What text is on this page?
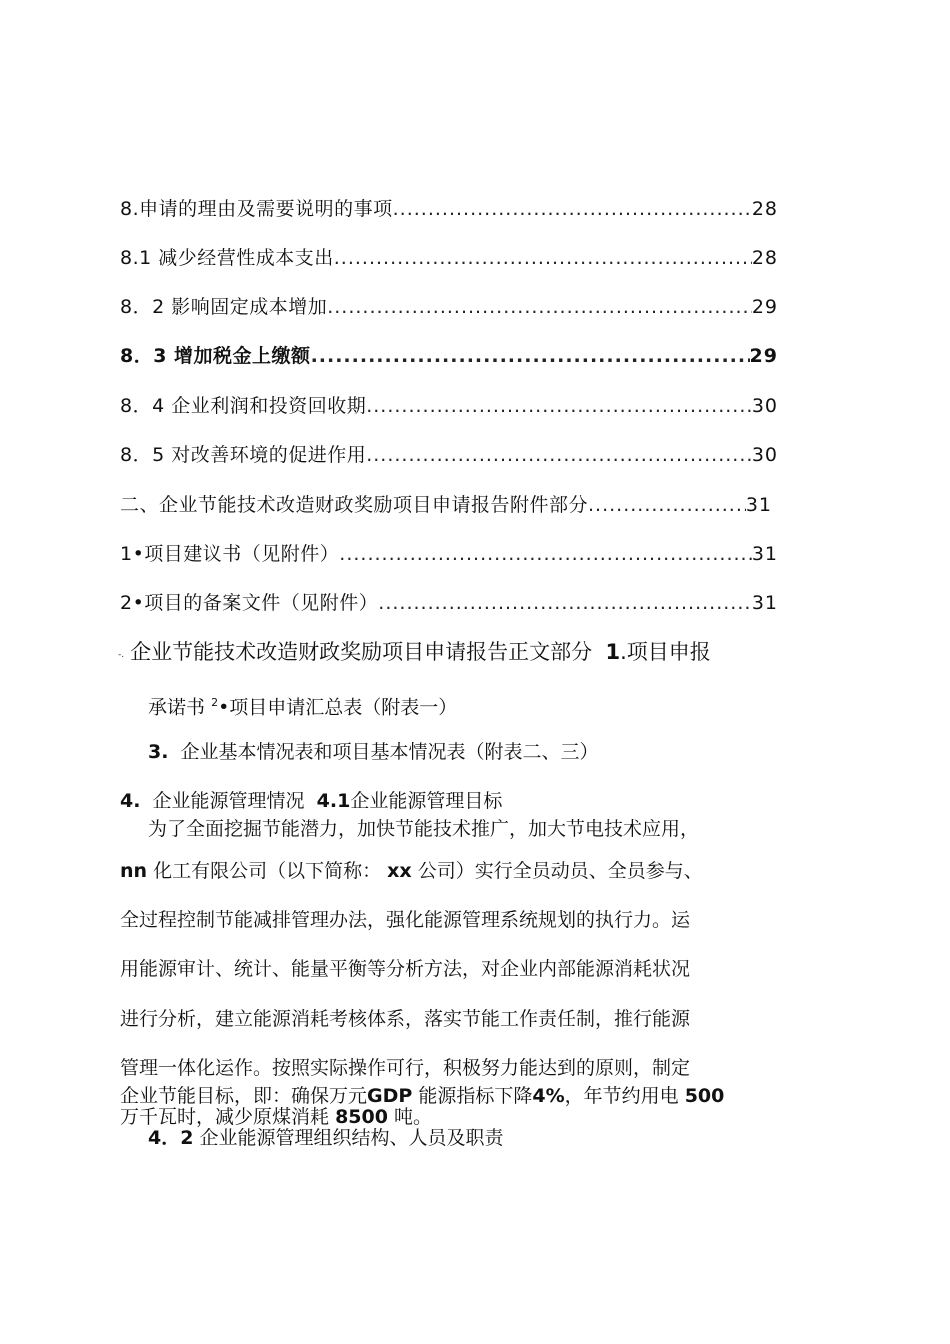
8.申请的理由及需要说明的事项 .....	28
8.1 减少经营性成本支出 .....	28
8．2 影响固定成本增加 .....	29
8．3 增加税金上缴额 .....	29
8．4 企业利润和投资回收期 .....	30
8．5 对改善环境的促进作用 .....	30
二、企业节能技术改造财政奖励项目申请报告附件部分 .....	31
1•项目建议书（见附件） .....	31
2•项目的备案文件（见附件） .....	31
-. 企业节能技术改造财政奖励项目申请报告正文部分 1.项目申报
承诺书 $^2$•项目申请汇总表（附表一）
3. 企业基本情况表和项目基本情况表（附表二、三）
4. 企业能源管理情况 4.1企业能源管理目标
为了全面挖掘节能潜力，加快节能技术推广，加大节电技术应用，
nn 化工有限公司（以下简称： xx 公司）实行全员动员、全员参与、
全过程控制节能减排管理办法，强化能源管理系统规划的执行力。运
用能源审计、统计、能量平衡等分析方法，对企业内部能源消耗状况
进行分析，建立能源消耗考核体系，落实节能工作责任制，推行能源
管理一体化运作。按照实际操作可行，积极努力能达到的原则，制定
企业节能目标，即：确保万元GDP 能源指标下降4%，年节约用电 500
万千瓦时，减少原煤消耗 8500 吨。
4．2 企业能源管理组织结构、人员及职责
